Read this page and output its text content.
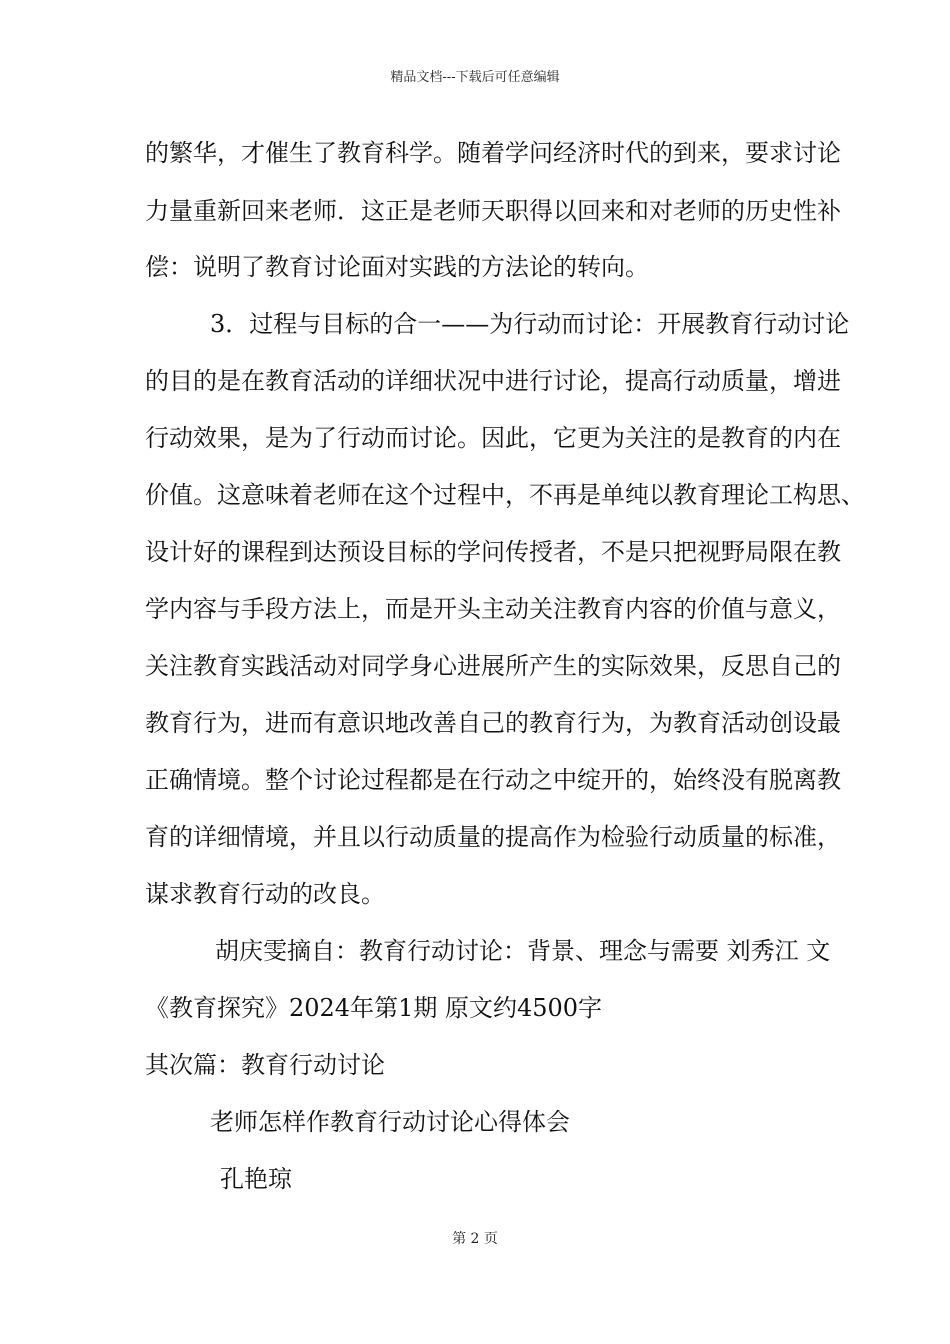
精品文档---下载后可任意编辑
的繁华，才催生了教育科学。随着学问经济时代的到来，要求讨论
力量重新回来老师．这正是老师天职得以回来和对老师的历史性补
偿：说明了教育讨论面对实践的方法论的转向。
3．过程与目标的合一——为行动而讨论：开展教育行动讨论
的目的是在教育活动的详细状况中进行讨论，提高行动质量，增进
行动效果，是为了行动而讨论。因此，它更为关注的是教育的内在
价值。这意味着老师在这个过程中，不再是单纯以教育理论工构思、
设计好的课程到达预设目标的学问传授者，不是只把视野局限在教
学内容与手段方法上，而是开头主动关注教育内容的价值与意义，
关注教育实践活动对同学身心进展所产生的实际效果，反思自己的
教育行为，进而有意识地改善自己的教育行为，为教育活动创设最
正确情境。整个讨论过程都是在行动之中绽开的，始终没有脱离教
育的详细情境，并且以行动质量的提高作为检验行动质量的标准，
谋求教育行动的改良。
胡庆雯摘自：教育行动讨论：背景、理念与需要 刘秀江 文
《教育探究》2024年第1期 原文约4500字
其次篇：教育行动讨论
老师怎样作教育行动讨论心得体会
孔艳琼
第 2 页
